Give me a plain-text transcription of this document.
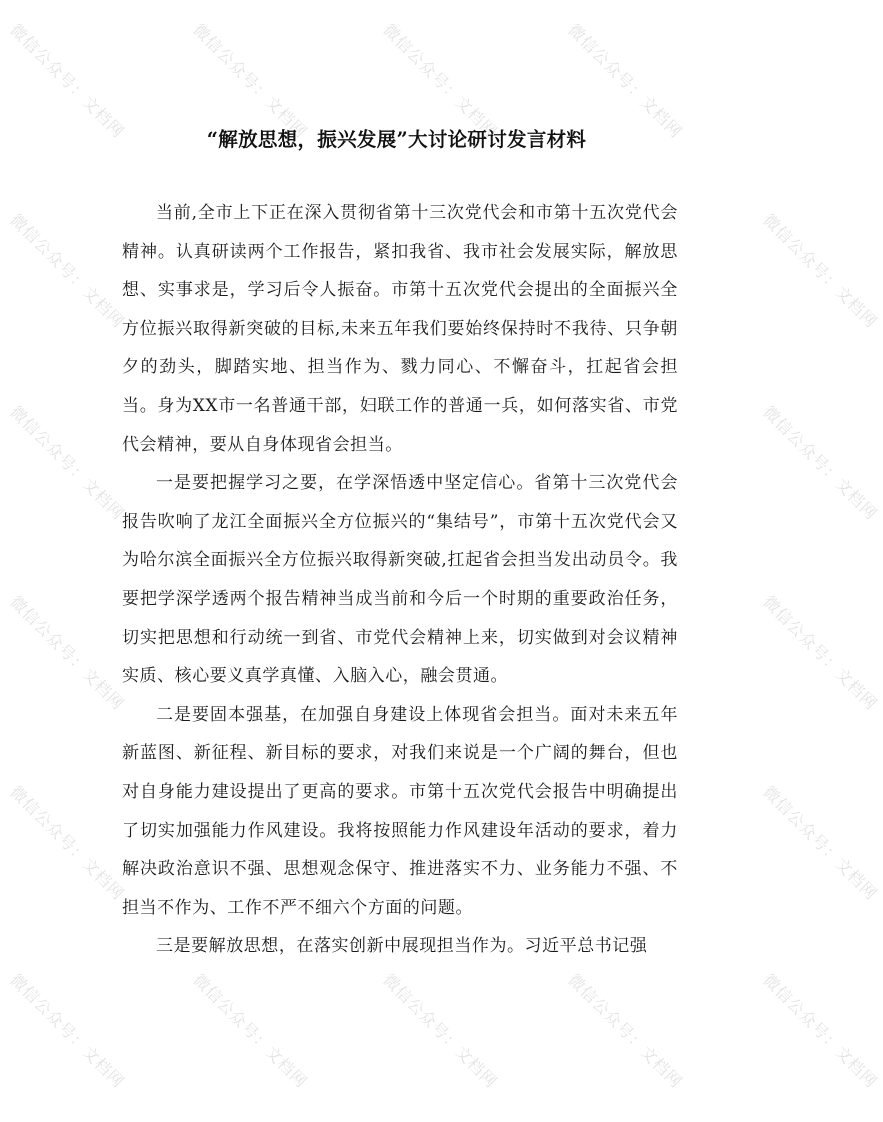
“解放思想，振兴发展”大讨论研讨发言材料

当前,全市上下正在深入贯彻省第十三次党代会和市第十五次党代会精神。认真研读两个工作报告，紧扣我省、我市社会发展实际，解放思想、实事求是，学习后令人振奋。市第十五次党代会提出的全面振兴全方位振兴取得新突破的目标,未来五年我们要始终保持时不我待、只争朝夕的劲头，脚踏实地、担当作为、戮力同心、不懈奋斗，扛起省会担当。身为XX市一名普通干部，妇联工作的普通一兵，如何落实省、市党代会精神，要从自身体现省会担当。

一是要把握学习之要，在学深悟透中坚定信心。省第十三次党代会报告吹响了龙江全面振兴全方位振兴的“集结号”，市第十五次党代会又为哈尔滨全面振兴全方位振兴取得新突破,扛起省会担当发出动员令。我要把学深学透两个报告精神当成当前和今后一个时期的重要政治任务，切实把思想和行动统一到省、市党代会精神上来，切实做到对会议精神实质、核心要义真学真懂、入脑入心，融会贯通。

二是要固本强基，在加强自身建设上体现省会担当。面对未来五年新蓝图、新征程、新目标的要求，对我们来说是一个广阔的舞台，但也对自身能力建设提出了更高的要求。市第十五次党代会报告中明确提出了切实加强能力作风建设。我将按照能力作风建设年活动的要求，着力解决政治意识不强、思想观念保守、推进落实不力、业务能力不强、不担当不作为、工作不严不细六个方面的问题。

三是要解放思想，在落实创新中展现担当作为。习近平总书记强

微信公众号：文档网	微信公众号：文档网	微信公众号：文档网	微信公众号：文档网
微信公众号：文档网	微信公众号：文档网
微信公众号：文档网	微信公众号：文档网
微信公众号：文档网	微信公众号：文档网
微信公众号：文档网	微信公众号：文档网
微信公众号：文档网	微信公众号：文档网	微信公众号：文档网	微信公众号：文档网	微信公众号：文档网
